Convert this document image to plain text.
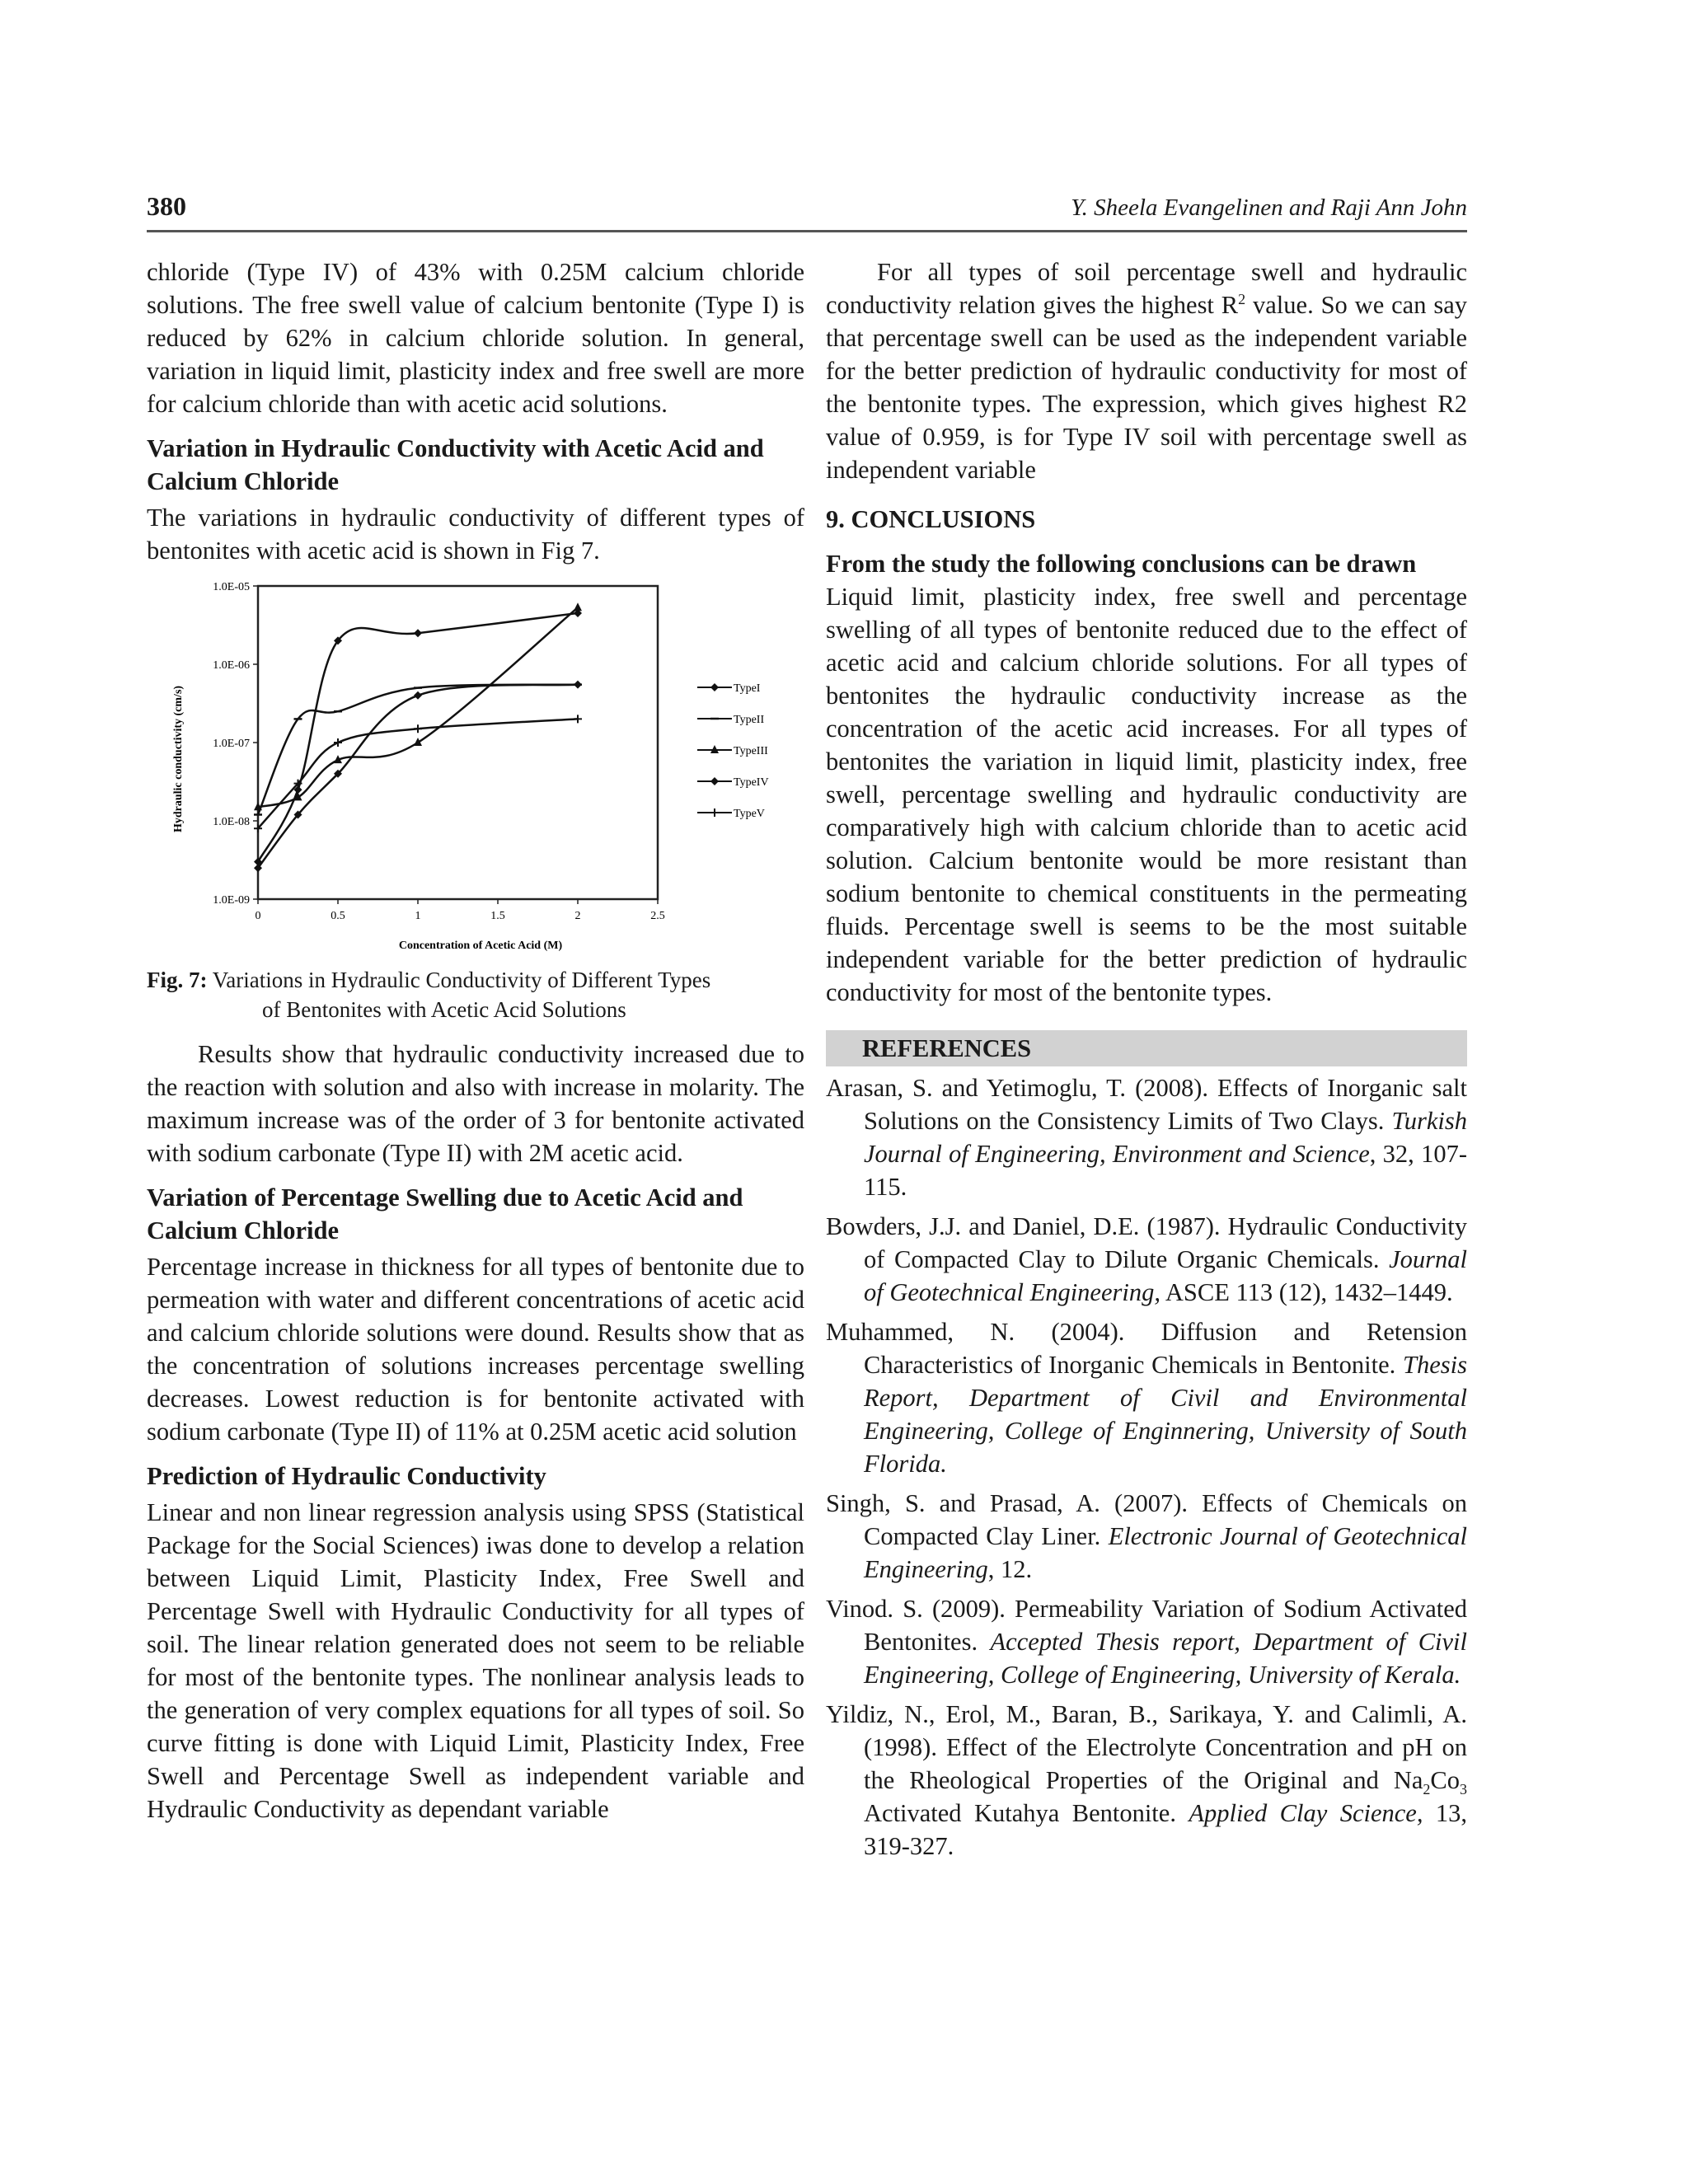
380	Y. Sheela Evangelinen and Raji Ann John

chloride (Type IV) of 43% with 0.25M calcium chloride solutions. The free swell value of calcium bentonite (Type I) is reduced by 62% in calcium chloride solution. In general, variation in liquid limit, plasticity index and free swell are more for calcium chloride than with acetic acid solutions.

Variation in Hydraulic Conductivity with Acetic Acid and Calcium Chloride

The variations in hydraulic conductivity of different types of bentonites with acetic acid is shown in Fig 7.

1.0E-05
1.0E-06
1.0E-07
1.0E-08
1.0E-09
0	0.5	1	1.5	2	2.5
TypeI
TypeII
TypeIII
TypeIV
TypeV
Concentration of Acetic Acid (M)
Hydraulic conductivity (cm/s)
Fig. 7: Variations in Hydraulic Conductivity of Different Types
of Bentonites with Acetic Acid Solutions

Results show that hydraulic conductivity increased due to the reaction with solution and also with increase in molarity. The maximum increase was of the order of 3 for bentonite activated with sodium carbonate (Type II) with 2M acetic acid.

Variation of Percentage Swelling due to Acetic Acid and Calcium Chloride

Percentage increase in thickness for all types of bentonite due to permeation with water and different concentrations of acetic acid and calcium chloride solutions were dound. Results show that as the concentration of solutions increases percentage swelling decreases. Lowest reduction is for bentonite activated with sodium carbonate (Type II) of 11% at 0.25M acetic acid solution

Prediction of Hydraulic Conductivity

Linear and non linear regression analysis using SPSS (Statistical Package for the Social Sciences) iwas done to develop a relation between Liquid Limit, Plasticity Index, Free Swell and Percentage Swell with Hydraulic Conductivity for all types of soil. The linear relation generated does not seem to be reliable for most of the bentonite types. The nonlinear analysis leads to the generation of very complex equations for all types of soil. So curve fitting is done with Liquid Limit, Plasticity Index, Free Swell and Percentage Swell as independent variable and Hydraulic Conductivity as dependant variable

For all types of soil percentage swell and hydraulic conductivity relation gives the highest $R^2$ value. So we can say that percentage swell can be used as the independent variable for the better prediction of hydraulic conductivity for most of the bentonite types. The expression, which gives highest R2 value of 0.959, is for Type IV soil with percentage swell as independent variable

9. CONCLUSIONS
From the study the following conclusions can be drawn

Liquid limit, plasticity index, free swell and percentage swelling of all types of bentonite reduced due to the effect of acetic acid and calcium chloride solutions. For all types of bentonites the hydraulic conductivity increase as the concentration of the acetic acid increases. For all types of bentonites the variation in liquid limit, plasticity index, free swell, percentage swelling and hydraulic conductivity are comparatively high with calcium chloride than to acetic acid solution. Calcium bentonite would be more resistant than sodium bentonite to chemical constituents in the permeating fluids. Percentage swell is seems to be the most suitable independent variable for the better prediction of hydraulic conductivity for most of the bentonite types.

REFERENCES

Arasan, S. and Yetimoglu, T. (2008). Effects of Inorganic salt Solutions on the Consistency Limits of Two Clays. Turkish Journal of Engineering, Environment and Science, 32, 107-115.

Bowders, J.J. and Daniel, D.E. (1987). Hydraulic Conductivity of Compacted Clay to Dilute Organic Chemicals. Journal of Geotechnical Engineering, ASCE 113 (12), 1432–1449.

Muhammed, N. (2004). Diffusion and Retension Characteristics of Inorganic Chemicals in Bentonite. Thesis Report, Department of Civil and Environmental Engineering, College of Enginnering, University of South Florida.

Singh, S. and Prasad, A. (2007). Effects of Chemicals on Compacted Clay Liner. Electronic Journal of Geotechnical Engineering, 12.

Vinod. S. (2009). Permeability Variation of Sodium Activated Bentonites. Accepted Thesis report, Department of Civil Engineering, College of Engineering, University of Kerala.

Yildiz, N., Erol, M., Baran, B., Sarikaya, Y. and Calimli, A. (1998). Effect of the Electrolyte Concentration and pH on the Rheological Properties of the Original and $Na_2Co_3$ Activated Kutahya Bentonite. Applied Clay Science, 13, 319-327.
